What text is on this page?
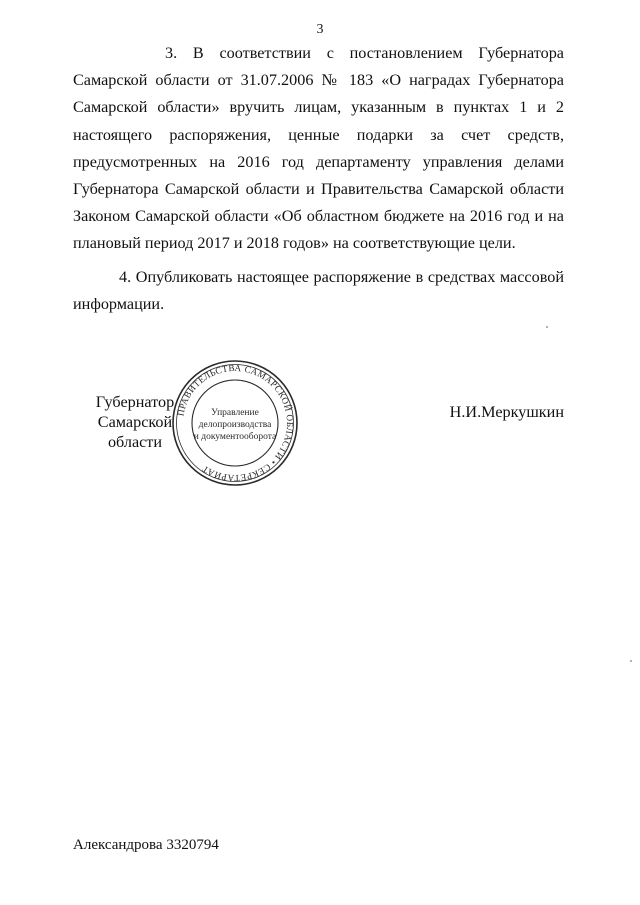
3

3. В соответствии с постановлением Губернатора Самарской области от 31.07.2006 № 183 «О наградах Губернатора Самарской области» вручить лицам, указанным в пунктах 1 и 2 настоящего распоряжения, ценные подарки за счет средств, предусмотренных на 2016 год департаменту управления делами Губернатора Самарской области и Правительства Самарской области Законом Самарской области «Об областном бюджете на 2016 год и на плановый период 2017 и 2018 годов» на соответствующие цели.

4. Опубликовать настоящее распоряжение в средствах массовой информации.

Губернатор
Самарской области
Н.И.Меркушкин
ПРАВИТЕЛЬСТВА САМАРСКОЙ ОБЛАСТИ • СЕКРЕТАРИАТ
Управление
делопроизводства
и документооборота
Александрова 3320794
